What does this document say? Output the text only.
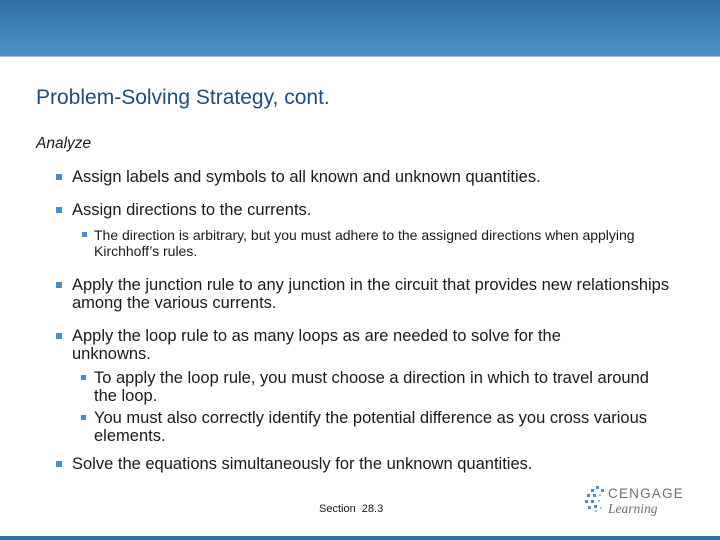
Problem-Solving Strategy, cont.
Analyze
Assign labels and symbols to all known and unknown quantities.
Assign directions to the currents.
The direction is arbitrary, but you must adhere to the assigned directions when applying Kirchhoff’s rules.
Apply the junction rule to any junction in the circuit that provides new relationships among the various currents.
Apply the loop rule to as many loops as are needed to solve for the unknowns.
To apply the loop rule, you must choose a direction in which to travel around the loop.
You must also correctly identify the potential difference as you cross various elements.
Solve the equations simultaneously for the unknown quantities.
Section  28.3
CENGAGE
Learning
